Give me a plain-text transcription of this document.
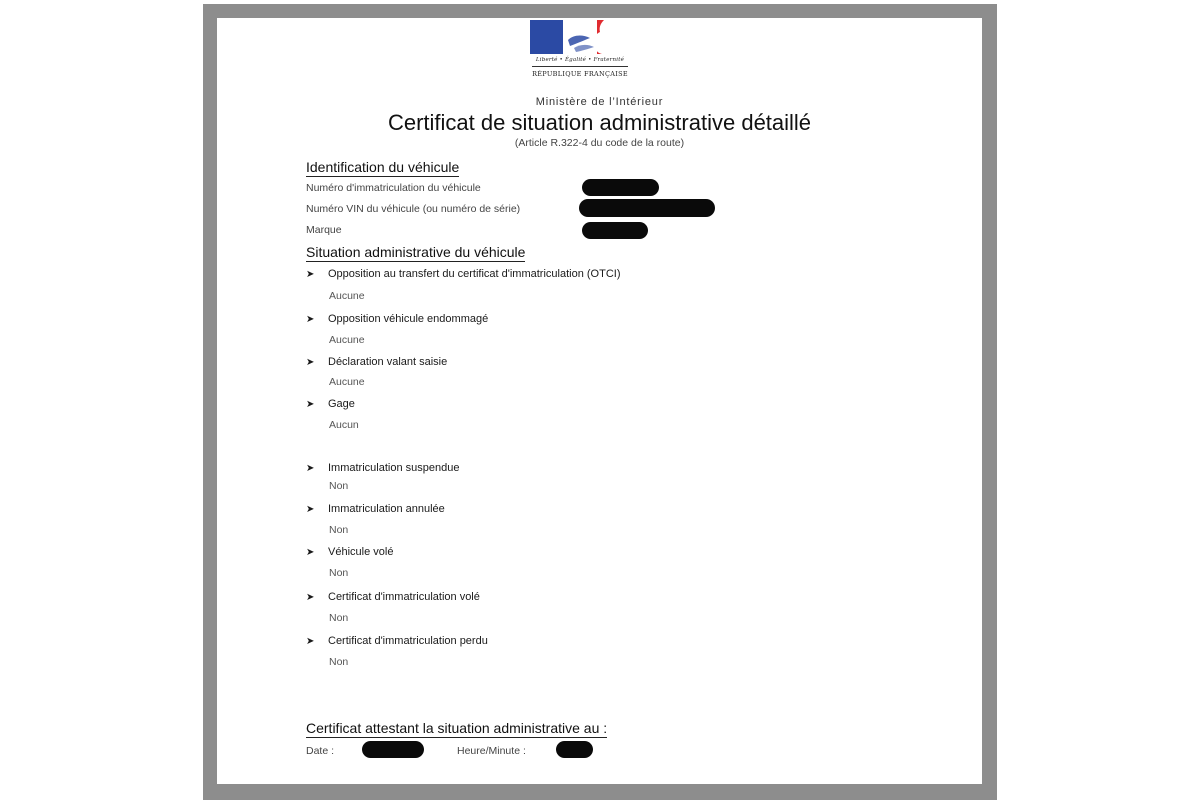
Liberté • Égalité • Fraternité
RÉPUBLIQUE FRANÇAISE
Ministère de l’Intérieur
Certificat de situation administrative détaillé
(Article R.322-4 du code de la route)
Identification du véhicule
Numéro d'immatriculation du véhicule
Numéro VIN du véhicule (ou numéro de série)
Marque
Situation administrative du véhicule
➤ Opposition au transfert du certificat d'immatriculation (OTCI)
Aucune
➤ Opposition véhicule endommagé
Aucune
➤ Déclaration valant saisie
Aucune
➤ Gage
Aucun
➤ Immatriculation suspendue
Non
➤ Immatriculation annulée
Non
➤ Véhicule volé
Non
➤ Certificat d'immatriculation volé
Non
➤ Certificat d'immatriculation perdu
Non
Certificat attestant la situation administrative au :
Date :	Heure/Minute :
